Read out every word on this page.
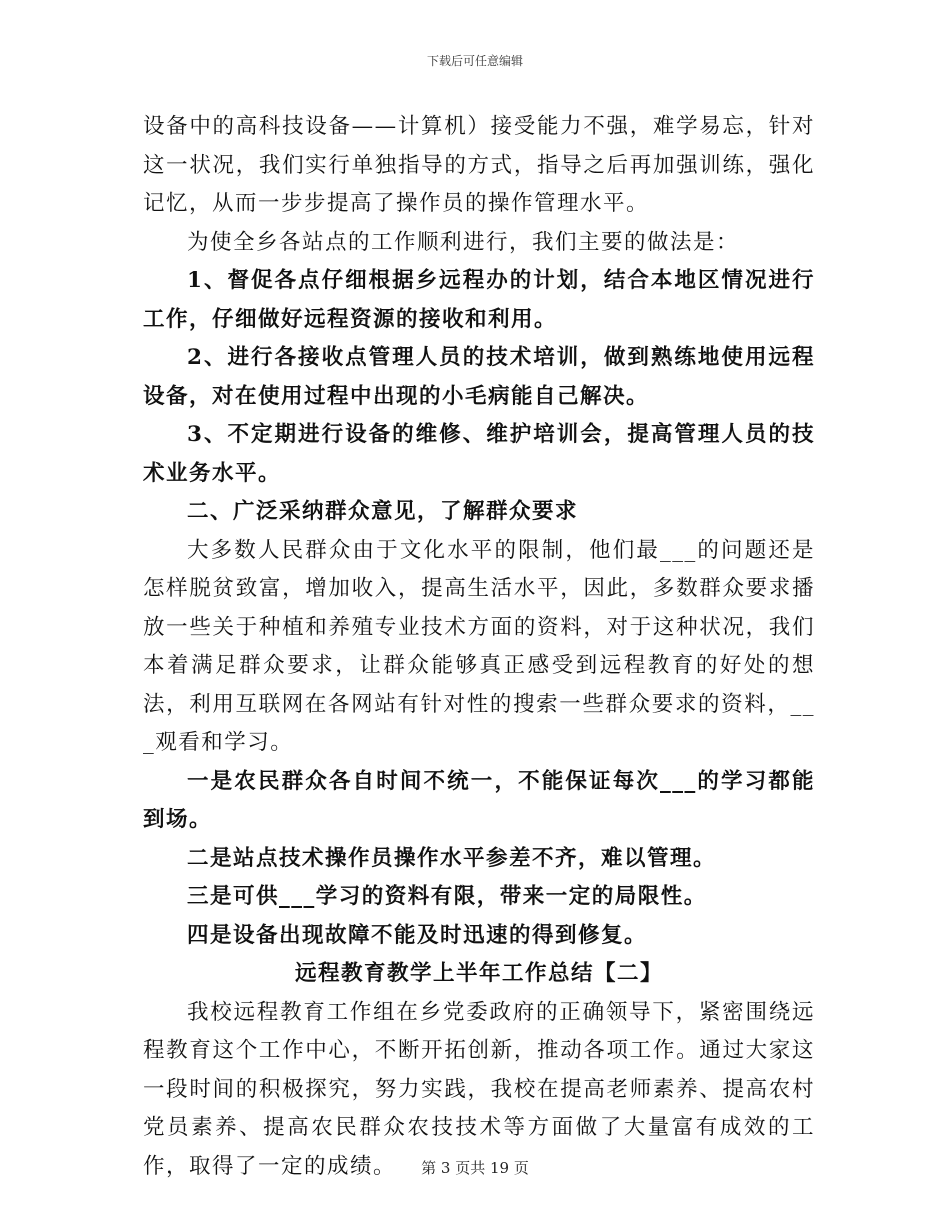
下载后可任意编辑

设备中的高科技设备——计算机）接受能力不强，难学易忘，针对这一状况，我们实行单独指导的方式，指导之后再加强训练，强化记忆，从而一步步提高了操作员的操作管理水平。

为使全乡各站点的工作顺利进行，我们主要的做法是：

1、督促各点仔细根据乡远程办的计划，结合本地区情况进行工作，仔细做好远程资源的接收和利用。

2、进行各接收点管理人员的技术培训，做到熟练地使用远程设备，对在使用过程中出现的小毛病能自己解决。

3、不定期进行设备的维修、维护培训会，提高管理人员的技术业务水平。

二、广泛采纳群众意见，了解群众要求

大多数人民群众由于文化水平的限制，他们最___的问题还是怎样脱贫致富，增加收入，提高生活水平，因此，多数群众要求播放一些关于种植和养殖专业技术方面的资料，对于这种状况，我们本着满足群众要求，让群众能够真正感受到远程教育的好处的想法，利用互联网在各网站有针对性的搜索一些群众要求的资料，___观看和学习。

一是农民群众各自时间不统一，不能保证每次___的学习都能到场。

二是站点技术操作员操作水平参差不齐，难以管理。

三是可供___学习的资料有限，带来一定的局限性。

四是设备出现故障不能及时迅速的得到修复。

远程教育教学上半年工作总结【二】

我校远程教育工作组在乡党委政府的正确领导下，紧密围绕远程教育这个工作中心，不断开拓创新，推动各项工作。通过大家这一段时间的积极探究，努力实践，我校在提高老师素养、提高农村党员素养、提高农民群众农技技术等方面做了大量富有成效的工作，取得了一定的成绩。	第 3 页共 19 页
